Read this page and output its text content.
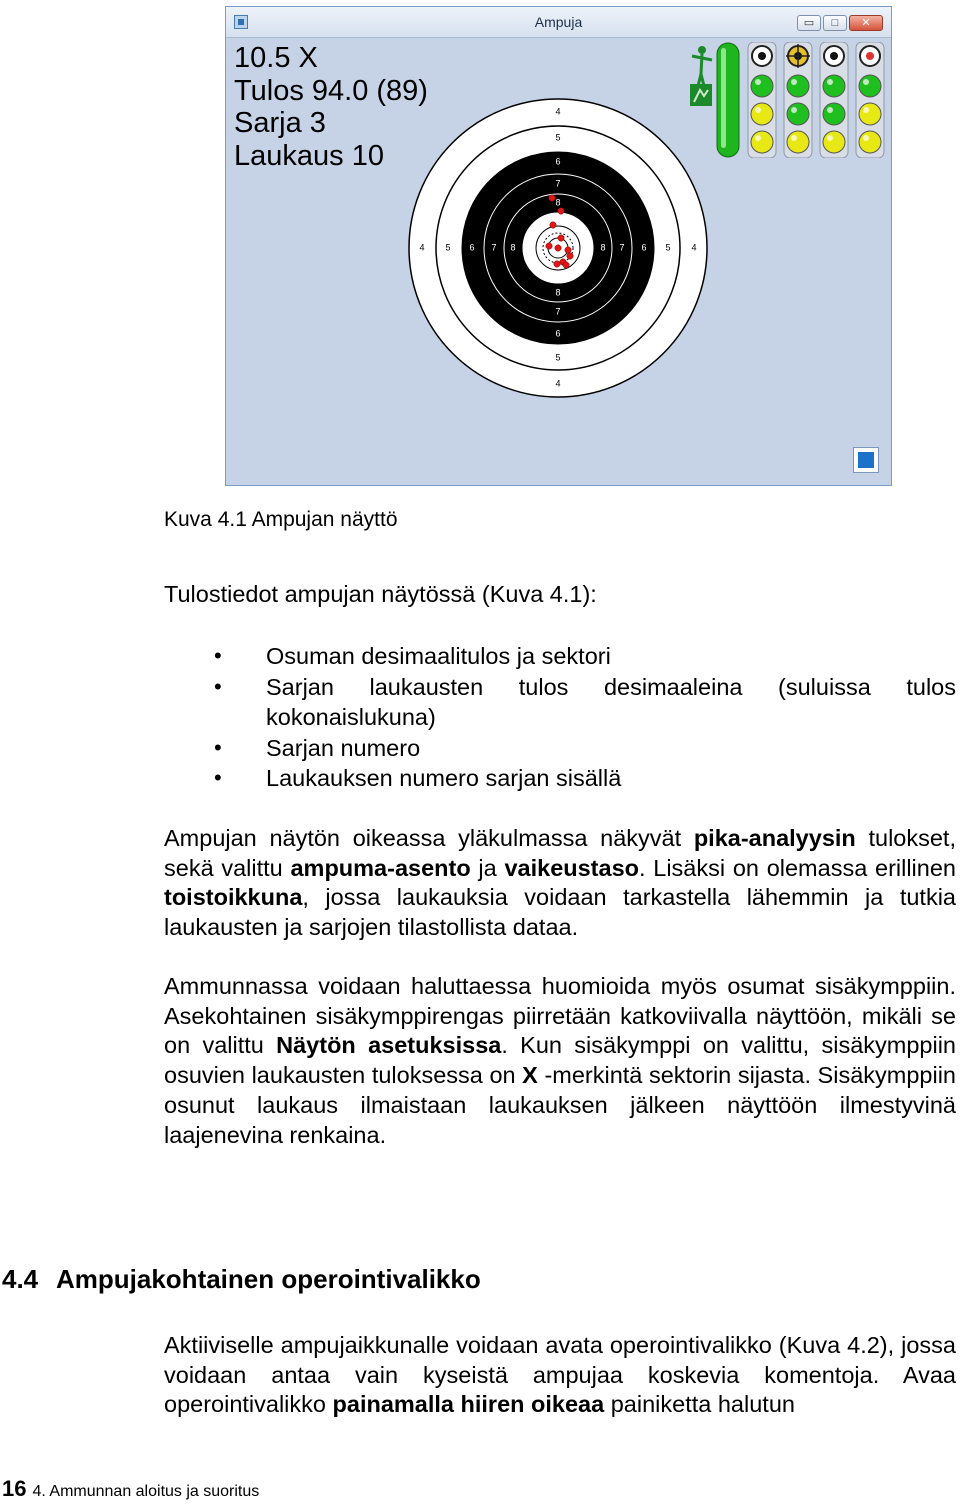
Ampuja	▭	□	✕
10.5 X
Tulos 94.0 (89)
Sarja 3
Laukaus 10
4	8
4
8
5	7
5
7
6	6
6
6
7	5
7
5
8	4
8
4
Kuva 4.1 Ampujan näyttö
Tulostiedot ampujan näytössä (Kuva 4.1):
• Osuman desimaalitulos ja sektori
• Sarjan laukausten tulos desimaaleina (suluissa tulos kokonaislukuna)
• Sarjan numero
• Laukauksen numero sarjan sisällä
Ampujan näytön oikeassa yläkulmassa näkyvät pika-analyysin tulokset, sekä valittu ampuma-asento ja vaikeustaso. Lisäksi on olemassa erillinen toistoikkuna, jossa laukauksia voidaan tarkastella lähemmin ja tutkia laukausten ja sarjojen tilastollista dataa.
Ammunnassa voidaan haluttaessa huomioida myös osumat sisäkymppiin. Asekohtainen sisäkymppirengas piirretään katkoviivalla näyttöön, mikäli se on valittu Näytön asetuksissa. Kun sisäkymppi on valittu, sisäkymppiin osuvien laukausten tuloksessa on X -merkintä sektorin sijasta. Sisäkymppiin osunut laukaus ilmaistaan laukauksen jälkeen näyttöön ilmestyvinä laajenevina renkaina.
4.4 Ampujakohtainen operointivalikko
Aktiiviselle ampujaikkunalle voidaan avata operointivalikko (Kuva 4.2), jossa voidaan antaa vain kyseistä ampujaa koskevia komentoja. Avaa operointivalikko painamalla hiiren oikeaa painiketta halutun
16 4. Ammunnan aloitus ja suoritus
